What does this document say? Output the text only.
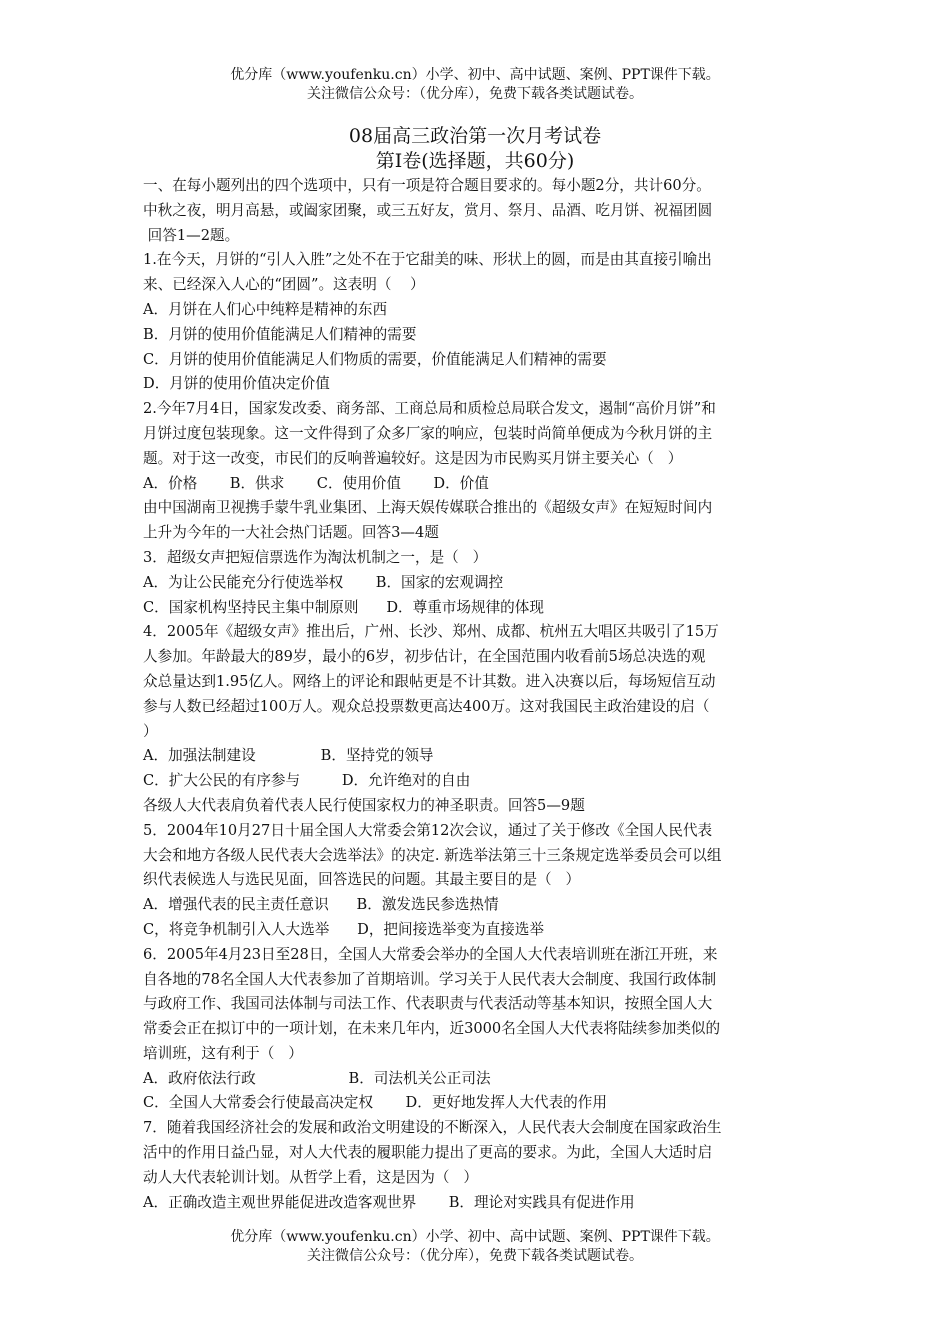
优分库（www.youfenku.cn）小学、初中、高中试题、案例、PPT课件下载。
关注微信公众号：（优分库），免费下载各类试题试卷。
08届高三政治第一次月考试卷
第I卷(选择题，共60分)

一、在每小题列出的四个选项中，只有一项是符合题目要求的。每小题2分，共计60分。

中秋之夜，明月高悬，或阖家团聚，或三五好友，赏月、祭月、品酒、吃月饼、祝福团圆

回答1—2题。

1.在今天，月饼的“引人入胜”之处不在于它甜美的味、形状上的圆，而是由其直接引喻出

来、已经深入人心的“团圆”。这表明（    ）

A．月饼在人们心中纯粹是精神的东西

B．月饼的使用价值能满足人们精神的需要

C．月饼的使用价值能满足人们物质的需要，价值能满足人们精神的需要

D．月饼的使用价值决定价值

2.今年7月4日，国家发改委、商务部、工商总局和质检总局联合发文，遏制“高价月饼”和

月饼过度包装现象。这一文件得到了众多厂家的响应，包装时尚简单便成为今秋月饼的主

题。对于这一改变，市民们的反响普遍较好。这是因为市民购买月饼主要关心（   ）

A．价格       B．供求       C．使用价值       D．价值

由中国湖南卫视携手蒙牛乳业集团、上海天娱传媒联合推出的《超级女声》在短短时间内

上升为今年的一大社会热门话题。回答3—4题

3．超级女声把短信票选作为淘汰机制之一，是（   ）

A．为让公民能充分行使选举权       B．国家的宏观调控

C．国家机构坚持民主集中制原则      D．尊重市场规律的体现

4．2005年《超级女声》推出后，广州、长沙、郑州、成都、杭州五大唱区共吸引了15万

人参加。年龄最大的89岁，最小的6岁，初步估计，在全国范围内收看前5场总决选的观

众总量达到1.95亿人。网络上的评论和跟帖更是不计其数。进入决赛以后，每场短信互动

参与人数已经超过100万人。观众总投票数更高达400万。这对我国民主政治建设的启（

）

A．加强法制建设              B．坚持党的领导

C．扩大公民的有序参与         D．允许绝对的自由

各级人大代表肩负着代表人民行使国家权力的神圣职责。回答5—9题

5．2004年10月27日十届全国人大常委会第12次会议，通过了关于修改《全国人民代表

大会和地方各级人民代表大会选举法》的决定. 新选举法第三十三条规定选举委员会可以组

织代表候选人与选民见面，回答选民的问题。其最主要目的是（   ）

A．增强代表的民主责任意识      B．激发选民参选热情

C，将竞争机制引入人大选举      D，把间接选举变为直接选举

6．2005年4月23日至28日，全国人大常委会举办的全国人大代表培训班在浙江开班，来

自各地的78名全国人大代表参加了首期培训。学习关于人民代表大会制度、我国行政体制

与政府工作、我国司法体制与司法工作、代表职责与代表活动等基本知识，按照全国人大

常委会正在拟订中的一项计划，在未来几年内，近3000名全国人大代表将陆续参加类似的

培训班，这有利于（   ）

A．政府依法行政                    B．司法机关公正司法

C．全国人大常委会行使最高决定权       D．更好地发挥人大代表的作用

7．随着我国经济社会的发展和政治文明建设的不断深入，人民代表大会制度在国家政治生

活中的作用日益凸显，对人大代表的履职能力提出了更高的要求。为此，全国人大适时启

动人大代表轮训计划。从哲学上看，这是因为（   ）

A．正确改造主观世界能促进改造客观世界       B．理论对实践具有促进作用

优分库（www.youfenku.cn）小学、初中、高中试题、案例、PPT课件下载。
关注微信公众号：（优分库），免费下载各类试题试卷。
